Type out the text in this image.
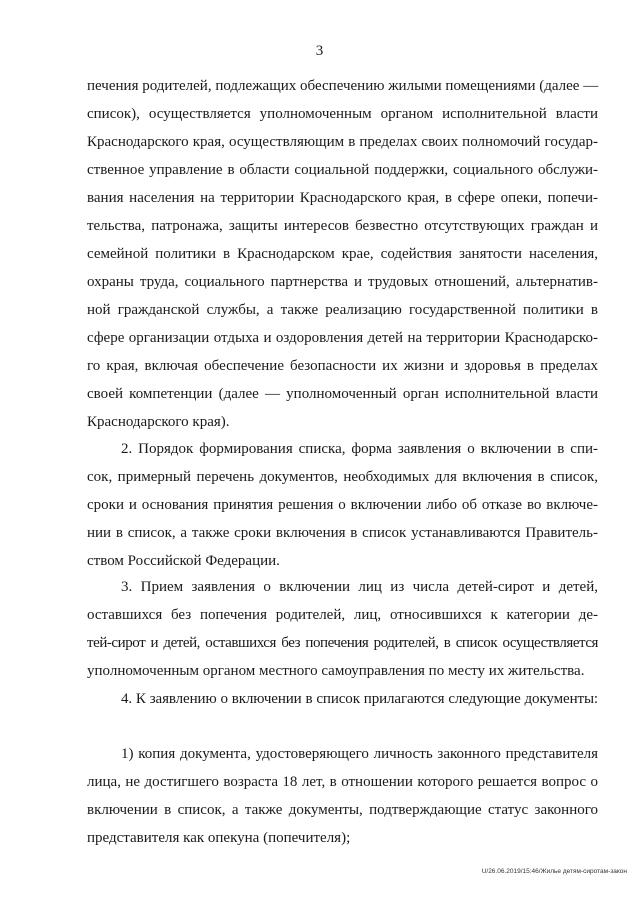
3
печения родителей, подлежащих обеспечению жилыми помещениями (далее —
список), осуществляется уполномоченным органом исполнительной власти
Краснодарского края, осуществляющим в пределах своих полномочий государ-
ственное управление в области социальной поддержки, социального обслужи-
вания населения на территории Краснодарского края, в сфере опеки, попечи-
тельства, патронажа, защиты интересов безвестно отсутствующих граждан и
семейной политики в Краснодарском крае, содействия занятости населения,
охраны труда, социального партнерства и трудовых отношений, альтернатив-
ной гражданской службы, а также реализацию государственной политики в
сфере организации отдыха и оздоровления детей на территории Краснодарско-
го края, включая обеспечение безопасности их жизни и здоровья в пределах
своей компетенции (далее — уполномоченный орган исполнительной власти
Краснодарского края).
2. Порядок формирования списка, форма заявления о включении в спи-
сок, примерный перечень документов, необходимых для включения в список,
сроки и основания принятия решения о включении либо об отказе во включе-
нии в список, а также сроки включения в список устанавливаются Правитель-
ством Российской Федерации.
3. Прием заявления о включении лиц из числа детей-сирот и детей,
оставшихся без попечения родителей, лиц, относившихся к категории де-
тей-сирот и детей, оставшихся без попечения родителей, в список осуществляется
уполномоченным органом местного самоуправления по месту их жительства.
4. К заявлению о включении в список прилагаются следующие документы:
1) копия документа, удостоверяющего личность законного представителя
лица, не достигшего возраста 18 лет, в отношении которого решается вопрос о
включении в список, а также документы, подтверждающие статус законного
представителя как опекуна (попечителя);
U/26.06.2019/15:46/Жилье детям-сиротам-закон
